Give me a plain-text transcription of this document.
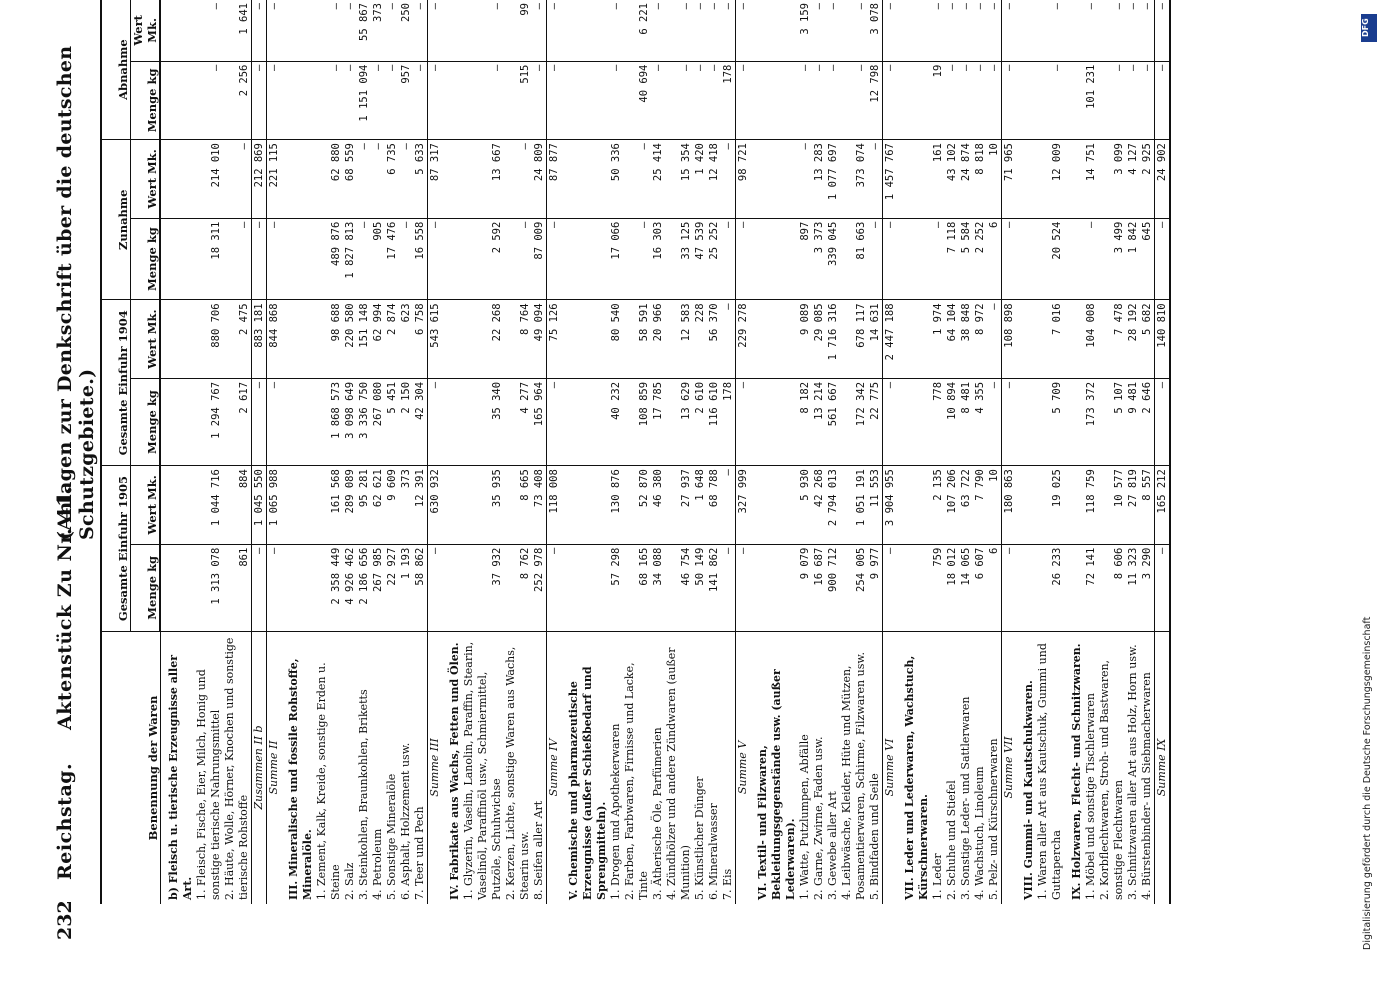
232
Reichstag.
Aktenstück Zu Nr. 41.
(Anlagen zur Denkschrift über die deutschen Schutzgebiete.)
Benennung der Waren	Gesamte Einfuhr 1905		Gesamte Einfuhr 1904		Zunahme		Abnahme	
	Menge kg	Wert Mk.	Menge kg	Wert Mk.	Menge kg	Wert Mk.	Menge kg	Wert Mk.
b) Fleisch u. tierische Erzeugnisse aller Art.								
1. Fleisch, Fische, Eier, Milch, Honig und sonstige tierische Nahrungsmittel	1 313 078	1 044 716	1 294 767	880 706	18 311	214 010	—	—
2. Häute, Wolle, Hörner, Knochen und sonstige tierische Rohstoffe	861	884	2 617	2 475	—	—	2 256	1 641
Zusammen II b	—	1 045 550	—	883 181	—	212 869	—	—
Summe II	—	1 065 988	—	844 868	—	221 115	—	—
III. Mineralische und fossile Rohstoffe, Mineralöle.								
1. Zement, Kalk, Kreide, sonstige Erden u. Steine	2 358 449	161 568	1 868 573	98 688	489 876	62 880	—	—
2. Salz	4 926 462	289 089	3 098 649	220 580	1 827 813	68 559	—	—
3. Steinkohlen, Braunkohlen, Briketts	2 186 656	95 281	3 336 750	151 148	—	—	1 151 094	55 867
4. Petroleum	267 985	62 621	267 080	62 994	905	—	—	373
5. Sonstige Mineralöle	22 927	9 609	5 451	2 874	17 476	6 735	—	—
6. Asphalt, Holzzement usw.	1 193	373	2 150	623	—	—	957	250
7. Teer und Pech	58 862	12 391	42 304	6 758	16 558	5 633	—	—
Summe III	—	630 932	—	543 615	—	87 317	—	—
IV. Fabrikate aus Wachs, Fetten und Ölen.								
1. Glyzerin, Vaselin, Lanolin, Paraffin, Stearin, Vaselinöl, Paraffinöl usw., Schmiermittel, Putzöle, Schuhwichse	37 932	35 935	35 340	22 268	2 592	13 667	—	—
2. Kerzen, Lichte, sonstige Waren aus Wachs, Stearin usw.	8 762	8 665	4 277	8 764	—	—	515	99
8. Seifen aller Art	252 978	73 408	165 964	49 094	87 009	24 809	—	—
Summe IV	—	118 008	—	75 126	—	87 877	—	—
V. Chemische und pharmazeutische Erzeugnisse (außer Schießbedarf und Sprengmitteln).								
1. Drogen und Apothekerwaren	57 298	130 876	40 232	80 540	17 066	50 336	—	—
2. Farben, Farbwaren, Firnisse und Lacke, Tinte	68 165	52 870	108 859	58 591	—	—	40 694	6 221
3. Ätherische Öle, Parfümerien	34 088	46 380	17 785	20 966	16 303	25 414	—	—
4. Zündhölzer und andere Zündwaren (außer Munition)	46 754	27 937	13 629	12 583	33 125	15 354	—	—
5. Künstlicher Dünger	50 149	1 648	2 610	228	47 539	1 420	—	—
6. Mineralwasser	141 862	68 788	116 610	56 370	25 252	12 418	—	—
7. Eis	—	—	178	—	—	—	178	—
Summe V	—	327 999	—	229 278	—	98 721	—	—
VI. Textil- und Filzwaren, Bekleidungsgegenstände usw. (außer Lederwaren).								
1. Watte, Putzlumpen, Abfälle	9 079	5 930	8 182	9 089	897	—	—	3 159
2. Garne, Zwirne, Faden usw.	16 687	42 268	13 214	29 085	3 373	13 283	—	—
3. Gewebe aller Art	900 712	2 794 013	561 667	1 716 316	339 045	1 077 697	—	—
4. Leibwäsche, Kleider, Hüte und Mützen, Posamentierwaren, Schirme, Filzwaren usw.	254 005	1 051 191	172 342	678 117	81 663	373 074	—	—
5. Bindfaden und Seile	9 977	11 553	22 775	14 631	—	—	12 798	3 078
Summe VI	—	3 904 955	—	2 447 188	—	1 457 767	—	—
VII. Leder und Lederwaren, Wachstuch, Kürschnerwaren.								
1. Leder	759	2 135	778	1 974	—	161	19	—
2. Schuhe und Stiefel	18 012	107 206	10 894	64 104	7 118	43 102	—	—
3. Sonstige Leder- und Sattlerwaren	14 065	63 722	8 481	38 848	5 584	24 874	—	—
4. Wachstuch, Linoleum	6 607	7 790	4 355	8 972	2 252	8 818	—	—
5. Pelz- und Kürschnerwaren	6	10	—	—	6	10	—	—
Summe VII	—	180 863	—	108 898	—	71 965	—	—
VIII. Gummi- und Kautschukwaren.								
1. Waren aller Art aus Kautschuk, Gummi und Guttapercha	26 233	19 025	5 709	7 016	20 524	12 009	—	—
IX. Holzwaren, Flecht- und Schnitzwaren.								
1. Möbel und sonstige Tischlerwaren	72 141	118 759	173 372	104 008	—	14 751	101 231	—
2. Korbflechtwaren, Stroh- und Bastwaren, sonstige Flechtwaren	8 606	10 577	5 107	7 478	3 499	3 099	—	—
3. Schnitzwaren aller Art aus Holz, Horn usw.	11 323	27 819	9 481	28 192	1 842	4 127	—	—
4. Bürstenbinder- und Siebmacherwaren	3 290	8 557	2 646	5 682	645	2 925	—	—
Summe IX	—	165 212	—	140 810	—	24 902	—	—
DFG
Digitalisierung gefördert durch die Deutsche Forschungsgemeinschaft
